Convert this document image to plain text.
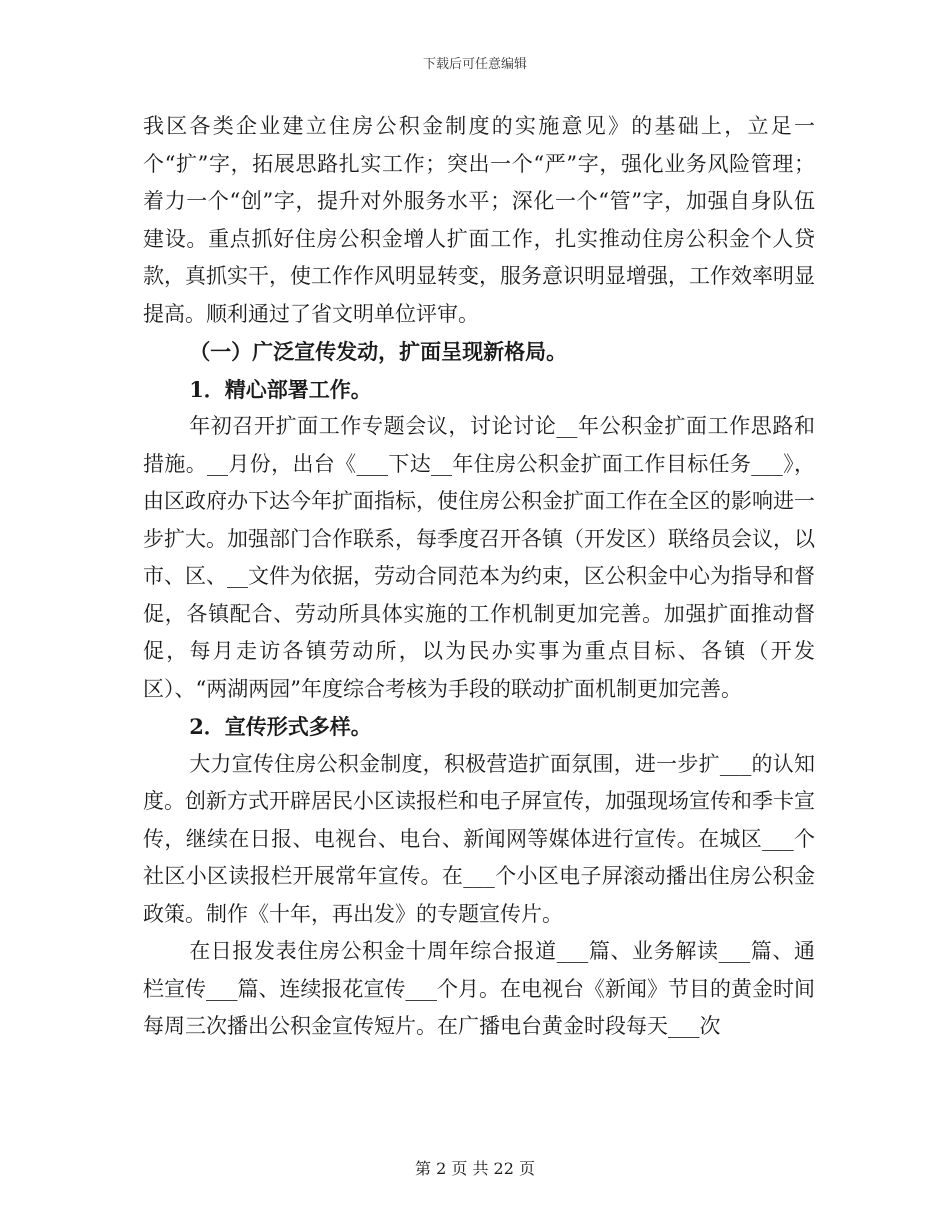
下载后可任意编辑

我区各类企业建立住房公积金制度的实施意见》的基础上，立足一个“扩”字，拓展思路扎实工作；突出一个“严”字，强化业务风险管理；着力一个“创”字，提升对外服务水平；深化一个“管”字，加强自身队伍建设。重点抓好住房公积金增人扩面工作，扎实推动住房公积金个人贷款，真抓实干，使工作作风明显转变，服务意识明显增强，工作效率明显提高。顺利通过了省文明单位评审。

（一）广泛宣传发动，扩面呈现新格局。

1．精心部署工作。

年初召开扩面工作专题会议，讨论讨论__年公积金扩面工作思路和措施。__月份，出台《___下达__年住房公积金扩面工作目标任务___》，由区政府办下达今年扩面指标，使住房公积金扩面工作在全区的影响进一步扩大。加强部门合作联系，每季度召开各镇（开发区）联络员会议，以市、区、__文件为依据，劳动合同范本为约束，区公积金中心为指导和督促，各镇配合、劳动所具体实施的工作机制更加完善。加强扩面推动督促，每月走访各镇劳动所，以为民办实事为重点目标、各镇（开发区）、“两湖两园”年度综合考核为手段的联动扩面机制更加完善。

2．宣传形式多样。

大力宣传住房公积金制度，积极营造扩面氛围，进一步扩___的认知度。创新方式开辟居民小区读报栏和电子屏宣传，加强现场宣传和季卡宣传，继续在日报、电视台、电台、新闻网等媒体进行宣传。在城区___个社区小区读报栏开展常年宣传。在___个小区电子屏滚动播出住房公积金政策。制作《十年，再出发》的专题宣传片。

在日报发表住房公积金十周年综合报道___篇、业务解读___篇、通栏宣传___篇、连续报花宣传___个月。在电视台《新闻》节目的黄金时间每周三次播出公积金宣传短片。在广播电台黄金时段每天___次

第 2 页 共 22 页
